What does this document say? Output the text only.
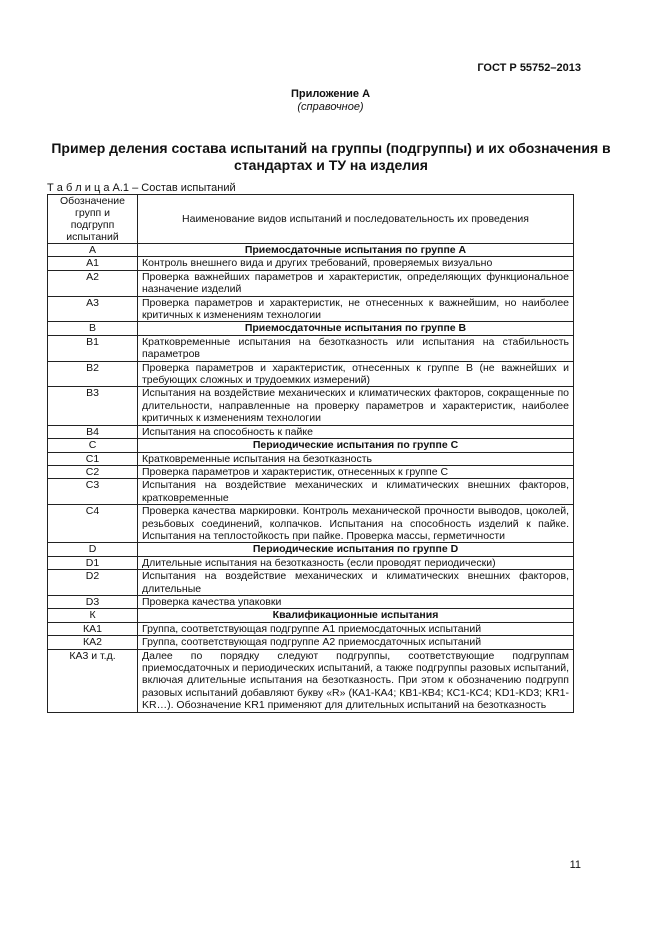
ГОСТ Р 55752–2013
Приложение А
(справочное)
Пример деления состава испытаний на группы (подгруппы) и их обозначения в стандартах и ТУ на изделия
Т а б л и ц а А.1 – Состав испытаний
Обозначение групп и подгрупп испытаний	Наименование видов испытаний и последовательность их проведения
А	Приемосдаточные испытания по группе А
А1	Контроль внешнего вида и других требований, проверяемых визуально
А2	Проверка важнейших параметров и характеристик, определяющих функциональное назначение изделий
А3	Проверка параметров и характеристик, не отнесенных к важнейшим, но наиболее критичных к изменениям технологии
В	Приемосдаточные испытания по группе В
В1	Кратковременные испытания на безотказность или испытания на стабильность параметров
В2	Проверка параметров и характеристик, отнесенных к группе В (не важнейших и требующих сложных и трудоемких измерений)
В3	Испытания на воздействие механических и климатических факторов, сокращенные по длительности, направленные на проверку параметров и характеристик, наиболее критичных к изменениям технологии
В4	Испытания на способность к пайке
С	Периодические испытания по группе С
С1	Кратковременные испытания на безотказность
С2	Проверка параметров и характеристик, отнесенных к группе С
С3	Испытания на воздействие механических и климатических внешних факторов, кратковременные
С4	Проверка качества маркировки. Контроль механической прочности выводов, цоколей, резьбовых соединений, колпачков. Испытания на способность изделий к пайке. Испытания на теплостойкость при пайке. Проверка массы, герметичности
D	Периодические испытания по группе D
D1	Длительные испытания на безотказность (если проводят периодически)
D2	Испытания на воздействие механических и климатических внешних факторов, длительные
D3	Проверка качества упаковки
К	Квалификационные испытания
КА1	Группа, соответствующая подгруппе А1 приемосдаточных испытаний
КА2	Группа, соответствующая подгруппе А2 приемосдаточных испытаний
КА3 и т.д.	Далее по порядку следуют подгруппы, соответствующие подгруппам приемосдаточных и периодических испытаний, а также подгруппы разовых испытаний, включая длительные испытания на безотказность. При этом к обозначению подгрупп разовых испытаний добавляют букву «R» (КА1-КА4; КВ1-КВ4; КС1-КС4; KD1-KD3; KR1-KR…). Обозначение KR1 применяют для длительных испытаний на безотказность
11
